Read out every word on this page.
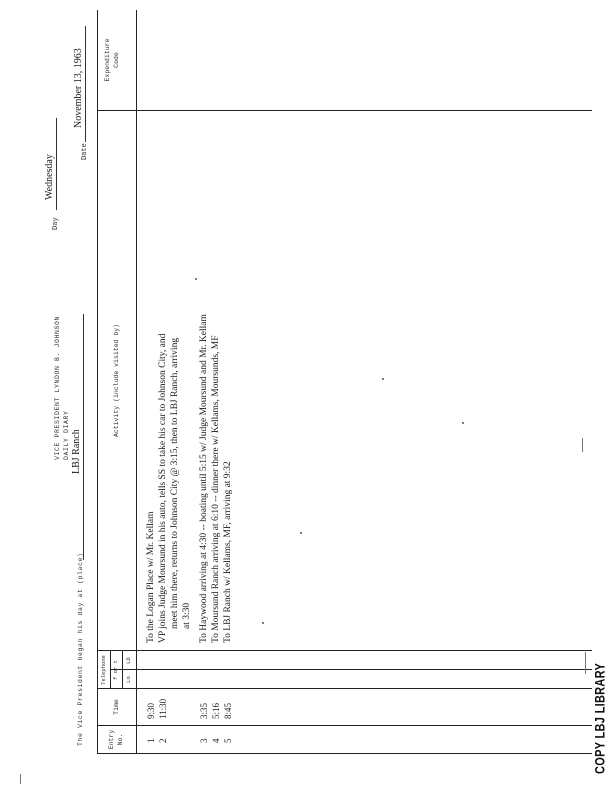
VICE PRESIDENT LYNDON B. JOHNSON DAILY DIARY
The Vice President began his day at (place)
LBJ Ranch
Day
Wednesday
Date
November 13, 1963
Entry No.
Time
Telephone f or t Lo
LD
Activity (include visited by)
Expenditure Code
1
9:30
To the Logan Place w/ Mr. Kellam
2
11:30
VP joins Judge Moursund in his auto, tells SS to take his car to Johnson City, and meet him there, returns to Johnson City @ 3:15, then to LBJ Ranch, arriving at 3:30
3
3:35
To Haywood arriving at 4:30 -- boating until 5:15 w/ Judge Moursund and Mr. Kellam
4
5:16
To Moursund Ranch arriving at 6:10 -- dinner there w/ Kellams, Moursunds, MF
5
8:45
To LBJ Ranch w/ Kellams, MF, arriving at 9:32
COPY LBJ LIBRARY
